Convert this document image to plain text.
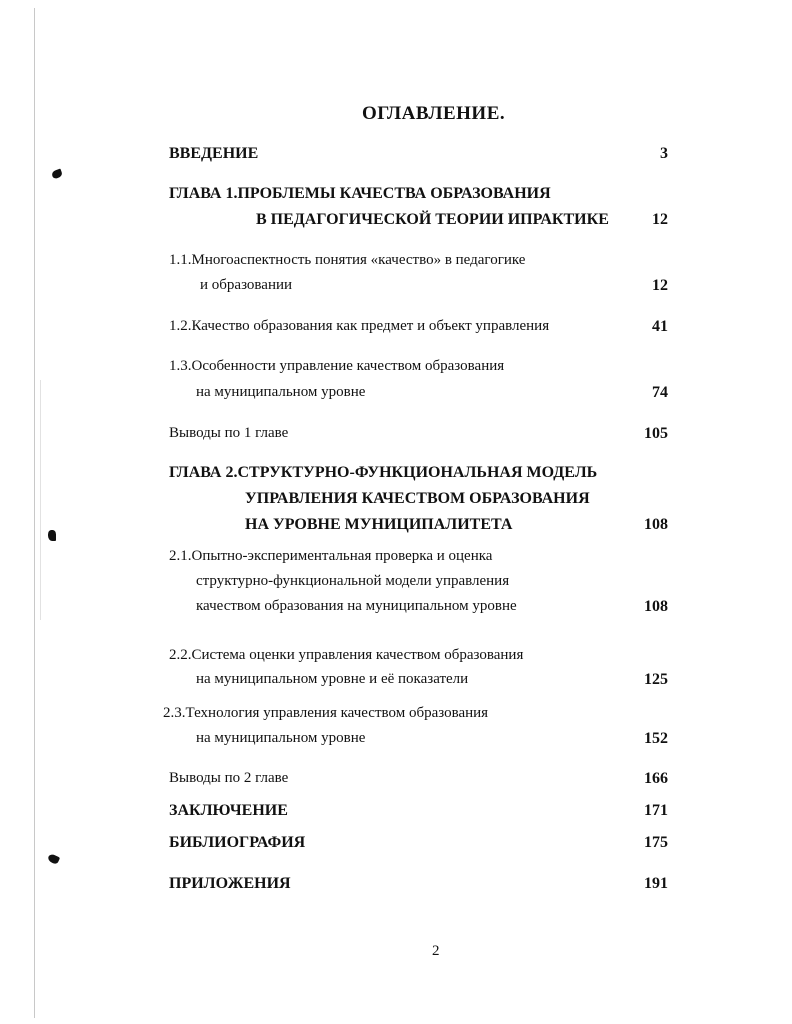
ОГЛАВЛЕНИЕ.
ВВЕДЕНИЕ	3
ГЛАВА 1.ПРОБЛЕМЫ КАЧЕСТВА ОБРАЗОВАНИЯ
В ПЕДАГОГИЧЕСКОЙ ТЕОРИИ ИПРАКТИКЕ	12
1.1.Многоаспектность понятия «качество» в педагогике
и образовании	12
1.2.Качество образования как предмет и объект управления	41
1.3.Особенности управление качеством образования
на муниципальном уровне	74
Выводы по 1 главе	105
ГЛАВА 2.СТРУКТУРНО-ФУНКЦИОНАЛЬНАЯ МОДЕЛЬ
УПРАВЛЕНИЯ КАЧЕСТВОМ ОБРАЗОВАНИЯ
НА УРОВНЕ МУНИЦИПАЛИТЕТА	108
2.1.Опытно-экспериментальная проверка и оценка
структурно-функциональной модели управления
качеством образования на муниципальном уровне	108
2.2.Система оценки управления качеством образования
на муниципальном уровне и её показатели	125
2.3.Технология управления качеством образования
на муниципальном уровне	152
Выводы по 2 главе	166
ЗАКЛЮЧЕНИЕ	171
БИБЛИОГРАФИЯ	175
ПРИЛОЖЕНИЯ	191
2
